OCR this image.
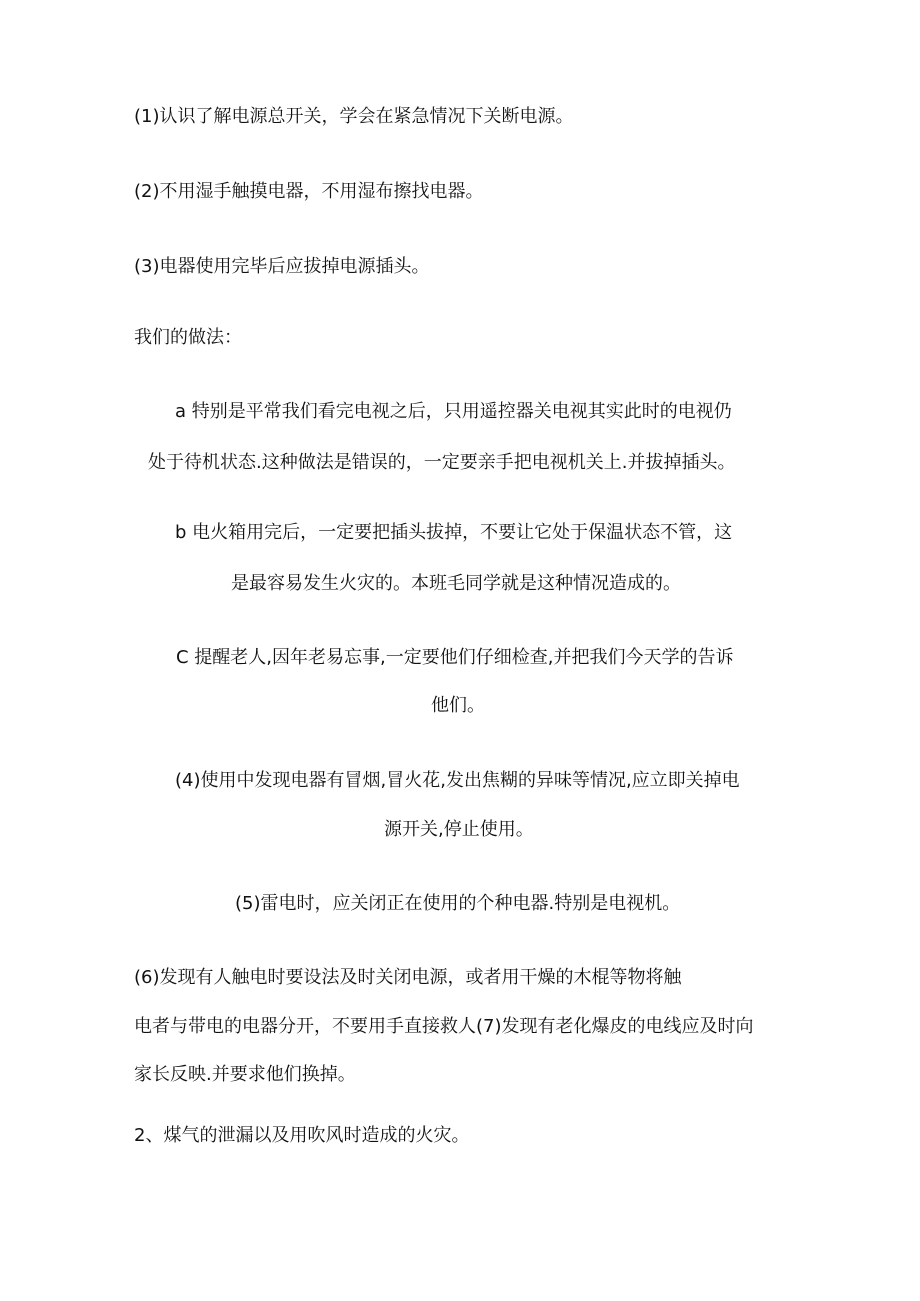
(1)认识了解电源总开关，学会在紧急情况下关断电源。
(2)不用湿手触摸电器，不用湿布擦找电器。
(3)电器使用完毕后应拔掉电源插头。
我们的做法：
a 特别是平常我们看完电视之后，只用遥控器关电视其实此时的电视仍
处于待机状态.这种做法是错误的，一定要亲手把电视机关上.并拔掉插头。
b 电火箱用完后，一定要把插头拔掉，不要让它处于保温状态不管，这
是最容易发生火灾的。本班毛同学就是这种情况造成的。
C 提醒老人,因年老易忘事,一定要他们仔细检查,并把我们今天学的告诉
他们。
(4)使用中发现电器有冒烟,冒火花,发出焦糊的异味等情况,应立即关掉电
源开关,停止使用。
(5)雷电时，应关闭正在使用的个种电器.特别是电视机。
(6)发现有人触电时要设法及时关闭电源，或者用干燥的木棍等物将触
电者与带电的电器分开，不要用手直接救人(7)发现有老化爆皮的电线应及时向
家长反映.并要求他们换掉。
2、煤气的泄漏以及用吹风时造成的火灾。
